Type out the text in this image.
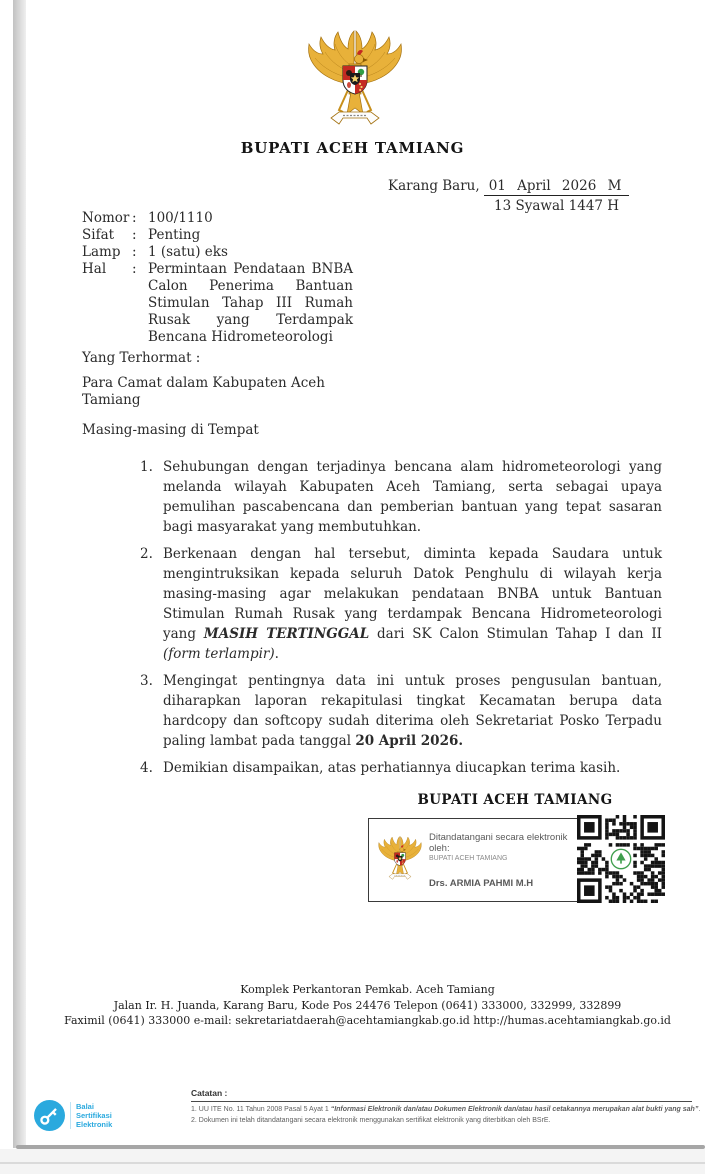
BUPATI ACEH TAMIANG
Karang Baru, 01 April 2026 M
13 Syawal 1447 H
Nomor : 100/1110
Sifat	: Penting
Lamp : 1 (satu) eks
Hal	: Permintaan Pendataan BNBA Calon Penerima Bantuan Stimulan Tahap III Rumah Rusak yang Terdampak Bencana Hidrometeorologi
Yang Terhormat :
Para Camat dalam Kabupaten Aceh Tamiang
Masing-masing di Tempat
1. Sehubungan dengan terjadinya bencana alam hidrometeorologi yang melanda wilayah Kabupaten Aceh Tamiang, serta sebagai upaya pemulihan pascabencana dan pemberian bantuan yang tepat sasaran bagi masyarakat yang membutuhkan.
2. Berkenaan dengan hal tersebut, diminta kepada Saudara untuk mengintruksikan kepada seluruh Datok Penghulu di wilayah kerja masing-masing agar melakukan pendataan BNBA untuk Bantuan Stimulan Rumah Rusak yang terdampak Bencana Hidrometeorologi yang MASIH TERTINGGAL dari SK Calon Stimulan Tahap I dan II (form terlampir).
3. Mengingat pentingnya data ini untuk proses pengusulan bantuan, diharapkan laporan rekapitulasi tingkat Kecamatan berupa data hardcopy dan softcopy sudah diterima oleh Sekretariat Posko Terpadu paling lambat pada tanggal 20 April 2026.
4. Demikian disampaikan, atas perhatiannya diucapkan terima kasih.
BUPATI ACEH TAMIANG
Ditandatangani secara elektronik oleh:
BUPATI ACEH TAMIANG
Drs. ARMIA PAHMI M.H
Komplek Perkantoran Pemkab. Aceh Tamiang
Jalan Ir. H. Juanda, Karang Baru, Kode Pos 24476 Telepon (0641) 333000, 332999, 332899
Faximil (0641) 333000 e-mail: sekretariatdaerah@acehtamiangkab.go.id http://humas.acehtamiangkab.go.id
Balai
Sertifikasi
Elektronik
Catatan :
1. UU ITE No. 11 Tahun 2008 Pasal 5 Ayat 1 “Informasi Elektronik dan/atau Dokumen Elektronik dan/atau hasil cetakannya merupakan alat bukti yang sah”.
2. Dokumen ini telah ditandatangani secara elektronik menggunakan sertifikat elektronik yang diterbitkan oleh BSrE.
